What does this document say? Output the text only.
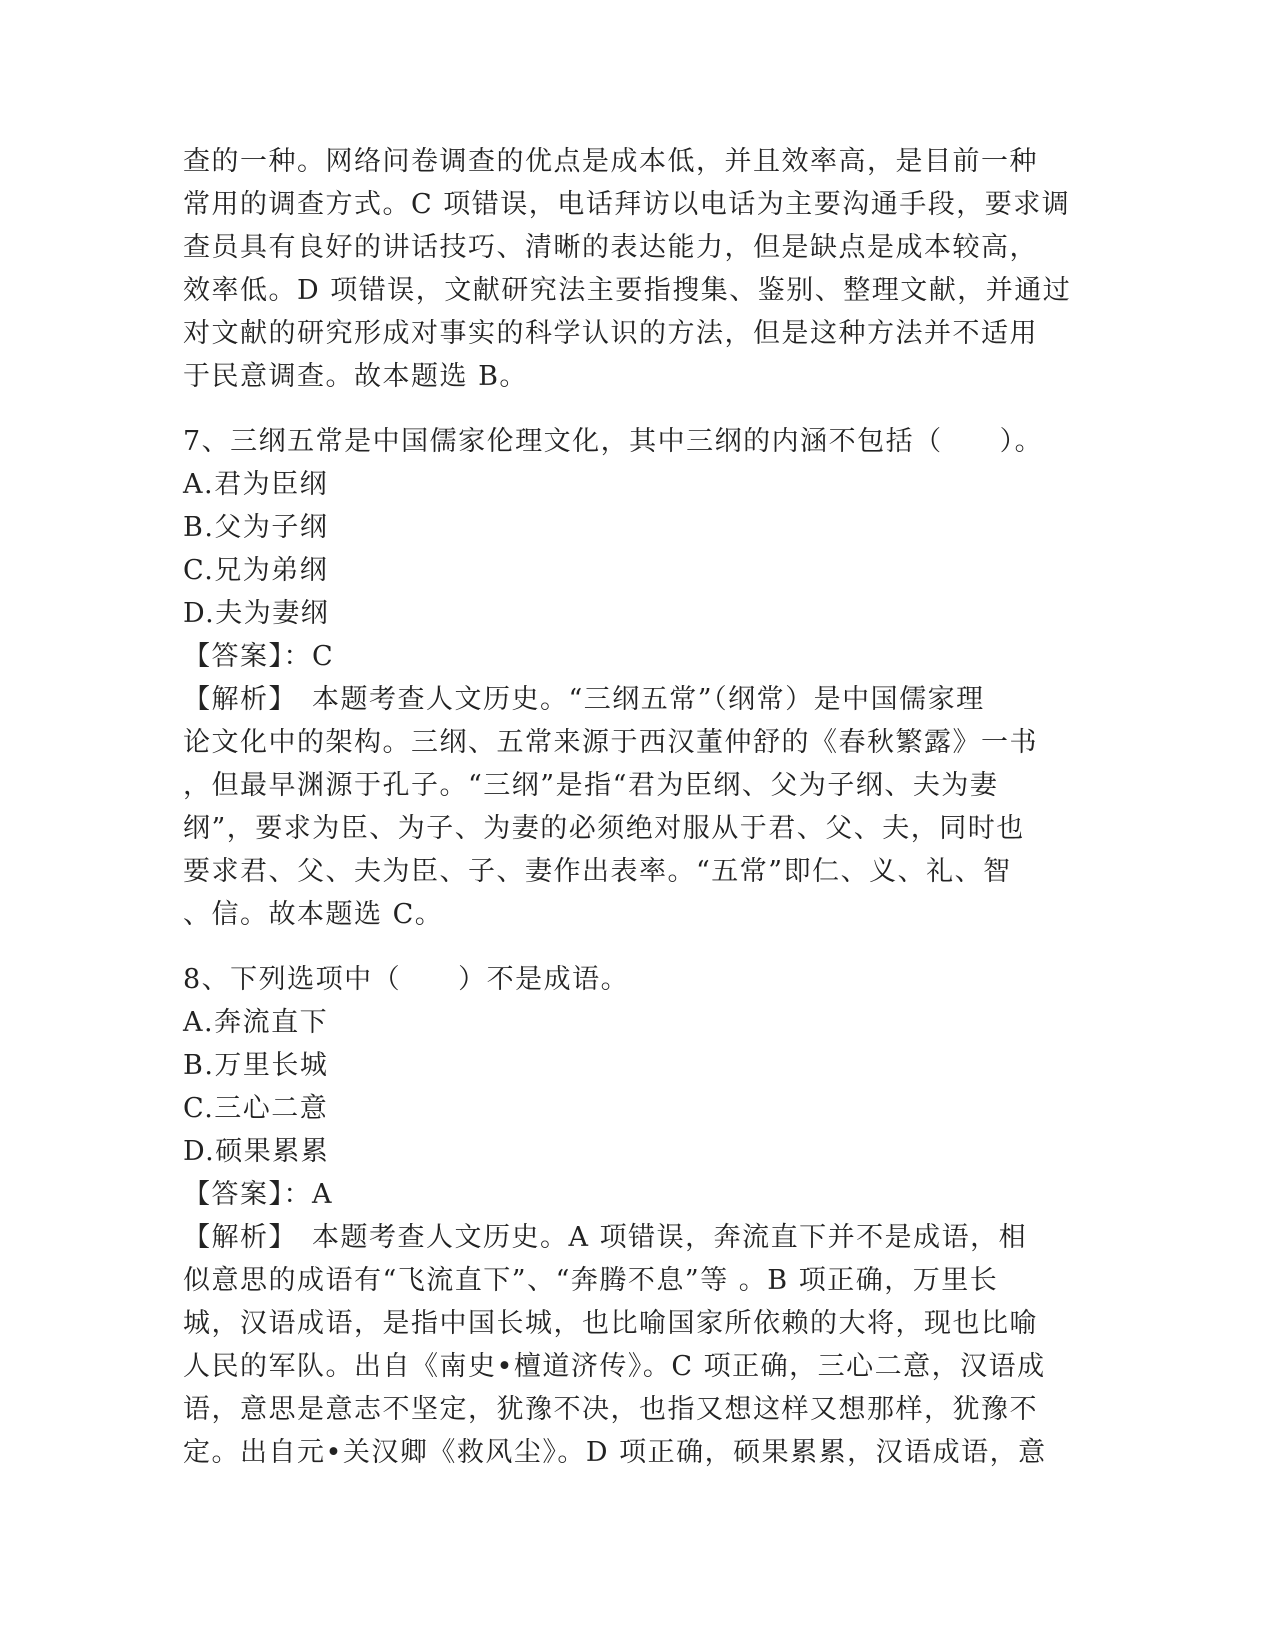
查的一种。网络问卷调查的优点是成本低，并且效率高，是目前一种
常用的调查方式。C 项错误，电话拜访以电话为主要沟通手段，要求调
查员具有良好的讲话技巧、清晰的表达能力，但是缺点是成本较高，
效率低。D 项错误，文献研究法主要指搜集、鉴别、整理文献，并通过
对文献的研究形成对事实的科学认识的方法，但是这种方法并不适用
于民意调查。故本题选 B。
7、三纲五常是中国儒家伦理文化，其中三纲的内涵不包括（　　）。
A.君为臣纲
B.父为子纲
C.兄为弟纲
D.夫为妻纲
【答案】：C
【解析】　本题考查人文历史。“三纲五常”（纲常）是中国儒家理
论文化中的架构。三纲、五常来源于西汉董仲舒的《春秋繁露》一书
，但最早渊源于孔子。“三纲”是指“君为臣纲、父为子纲、夫为妻
纲”，要求为臣、为子、为妻的必须绝对服从于君、父、夫，同时也
要求君、父、夫为臣、子、妻作出表率。“五常”即仁、义、礼、智
、信。故本题选 C。
8、下列选项中（　　）不是成语。
A.奔流直下
B.万里长城
C.三心二意
D.硕果累累
【答案】：A
【解析】　本题考查人文历史。A 项错误，奔流直下并不是成语，相
似意思的成语有“飞流直下”、“奔腾不息”等 。B 项正确，万里长
城，汉语成语，是指中国长城，也比喻国家所依赖的大将，现也比喻
人民的军队。出自《南史•檀道济传》。C 项正确，三心二意，汉语成
语，意思是意志不坚定，犹豫不决，也指又想这样又想那样，犹豫不
定。出自元•关汉卿《救风尘》。D 项正确，硕果累累，汉语成语，意
